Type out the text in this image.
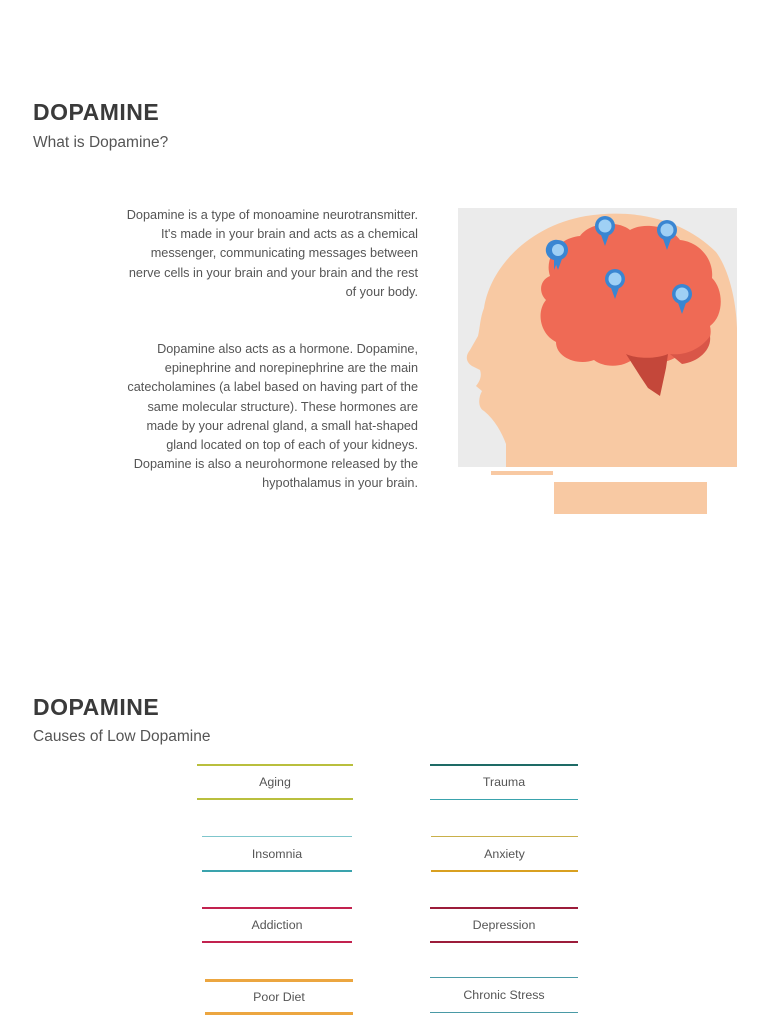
DOPAMINE
What is Dopamine?

Dopamine is a type of monoamine neurotransmitter. It's made in your brain and acts as a chemical messenger, communicating messages between nerve cells in your brain and your brain and the rest of your body.

Dopamine also acts as a hormone. Dopamine, epinephrine and norepinephrine are the main catecholamines (a label based on having part of the same molecular structure). These hormones are made by your adrenal gland, a small hat-shaped gland located on top of each of your kidneys. Dopamine is also a neurohormone released by the hypothalamus in your brain.

DOPAMINE
Causes of Low Dopamine
Aging	Trauma
Insomnia	Anxiety
Addiction	Depression
Poor Diet	Chronic Stress
